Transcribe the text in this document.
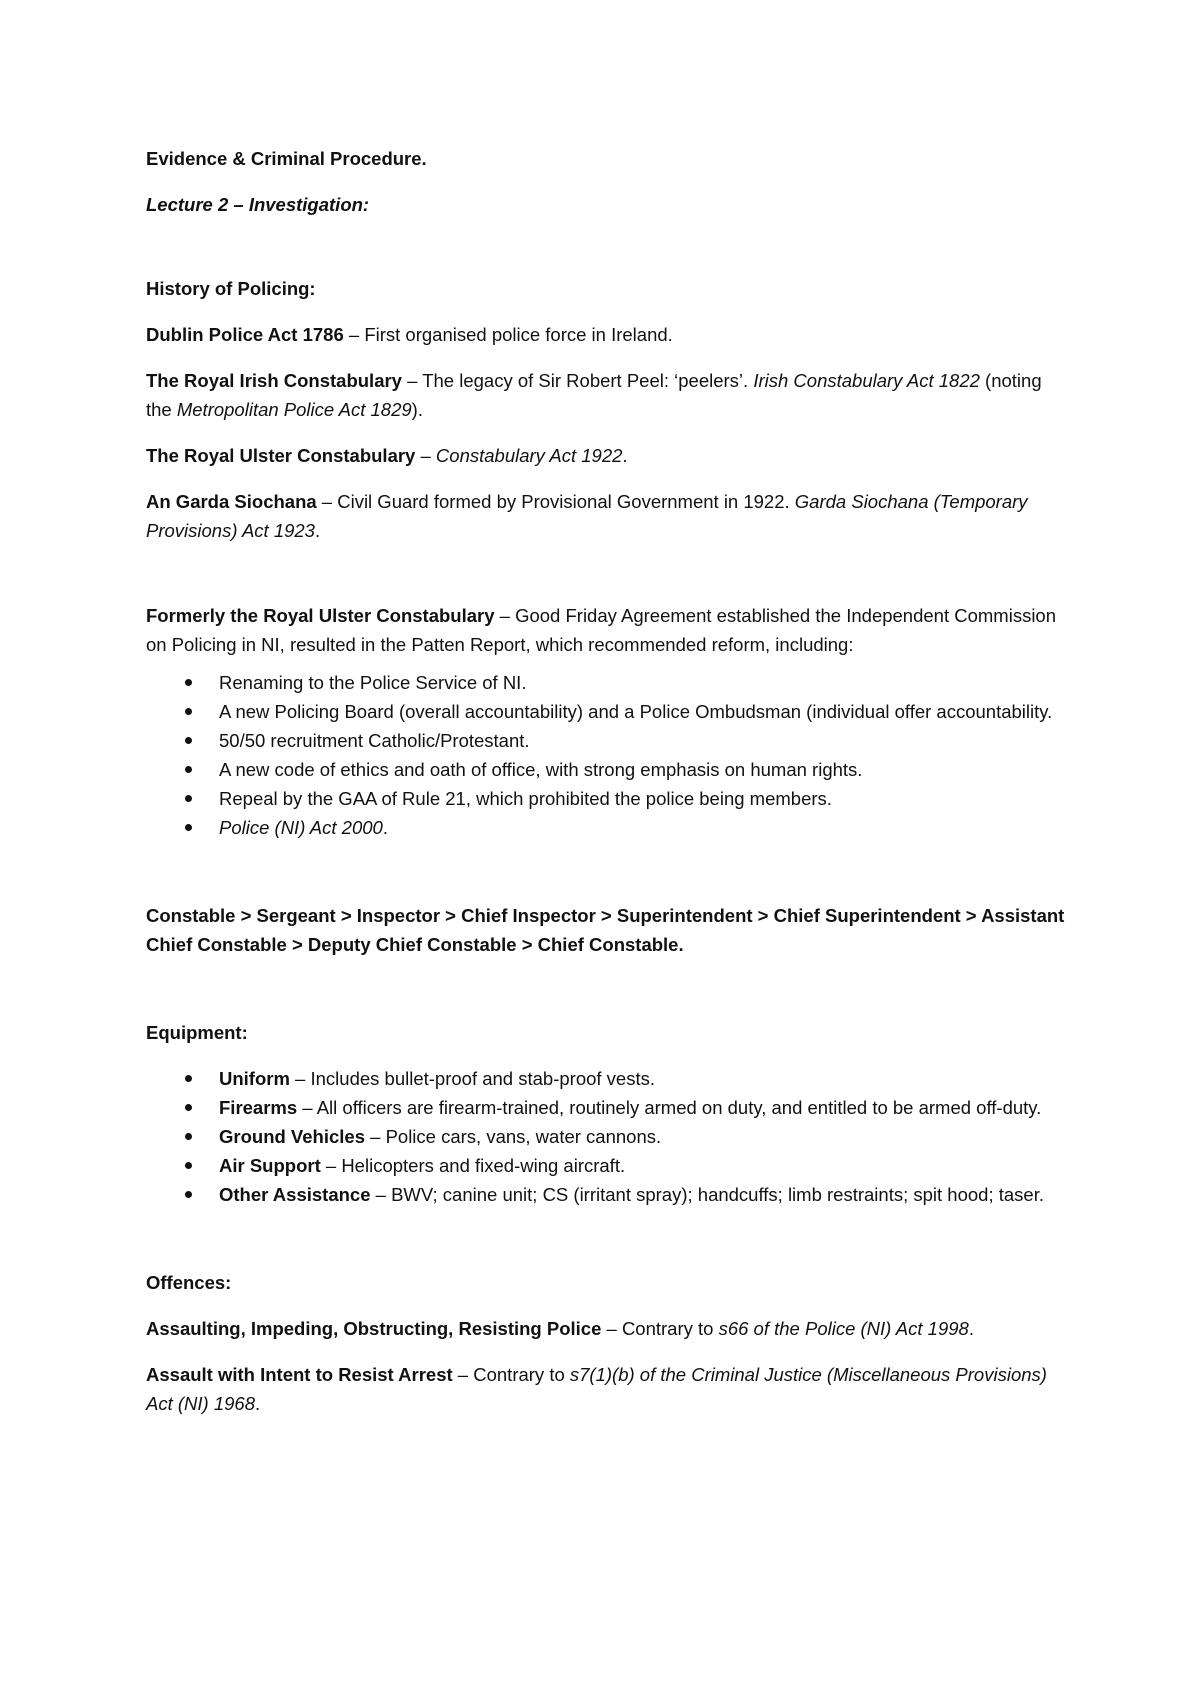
Evidence & Criminal Procedure.

Lecture 2 – Investigation:

History of Policing:

Dublin Police Act 1786 – First organised police force in Ireland.

The Royal Irish Constabulary – The legacy of Sir Robert Peel: ‘peelers’. Irish Constabulary Act 1822 (noting the Metropolitan Police Act 1829).

The Royal Ulster Constabulary – Constabulary Act 1922.

An Garda Siochana – Civil Guard formed by Provisional Government in 1922. Garda Siochana (Temporary Provisions) Act 1923.

Formerly the Royal Ulster Constabulary – Good Friday Agreement established the Independent Commission on Policing in NI, resulted in the Patten Report, which recommended reform, including:

Renaming to the Police Service of NI.
A new Policing Board (overall accountability) and a Police Ombudsman (individual offer accountability.
50/50 recruitment Catholic/Protestant.
A new code of ethics and oath of office, with strong emphasis on human rights.
Repeal by the GAA of Rule 21, which prohibited the police being members.
Police (NI) Act 2000.

Constable > Sergeant > Inspector > Chief Inspector > Superintendent > Chief Superintendent > Assistant Chief Constable > Deputy Chief Constable > Chief Constable.

Equipment:

Uniform – Includes bullet-proof and stab-proof vests.
Firearms – All officers are firearm-trained, routinely armed on duty, and entitled to be armed off-duty.
Ground Vehicles – Police cars, vans, water cannons.
Air Support – Helicopters and fixed-wing aircraft.
Other Assistance – BWV; canine unit; CS (irritant spray); handcuffs; limb restraints; spit hood; taser.

Offences:

Assaulting, Impeding, Obstructing, Resisting Police – Contrary to s66 of the Police (NI) Act 1998.

Assault with Intent to Resist Arrest – Contrary to s7(1)(b) of the Criminal Justice (Miscellaneous Provisions) Act (NI) 1968.
